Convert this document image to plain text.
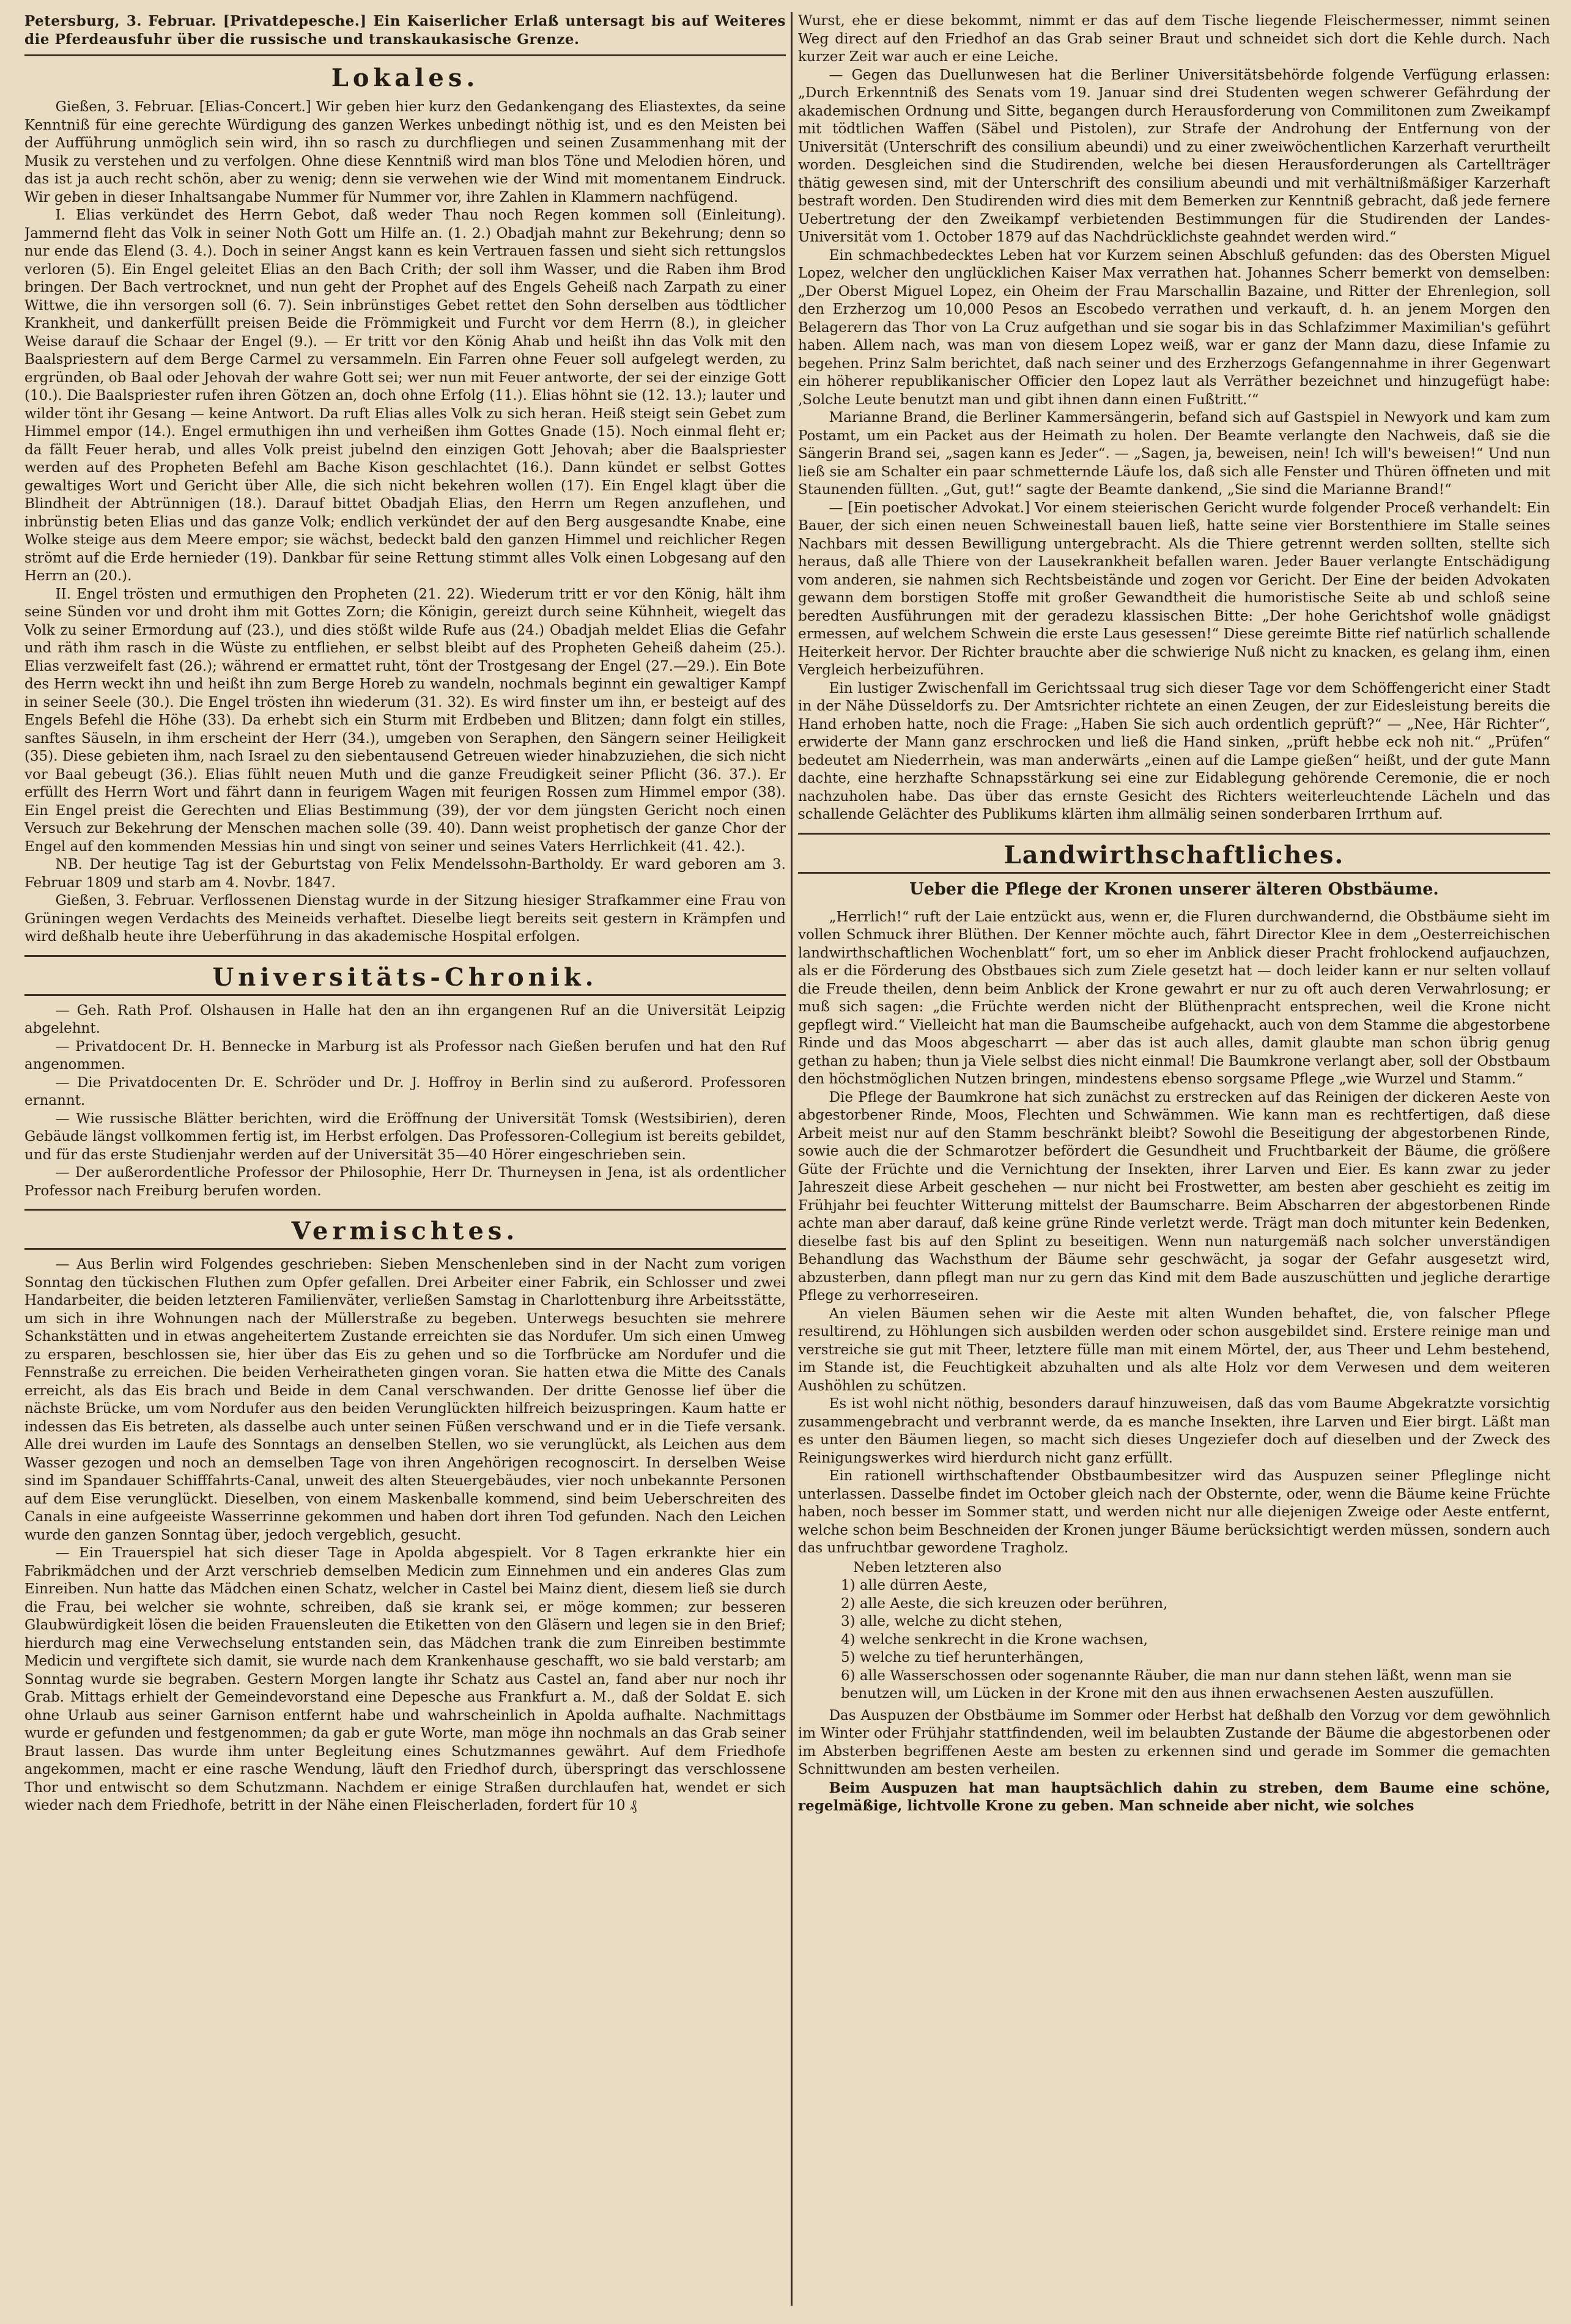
Petersburg, 3. Februar. [Privatdepesche.] Ein Kaiserlicher Erlaß untersagt bis auf Weiteres die Pferdeausfuhr über die russische und transkaukasische Grenze.

Lokales.

Gießen, 3. Februar. [Elias-Concert.] Wir geben hier kurz den Gedankengang des Eliastextes, da seine Kenntniß für eine gerechte Würdigung des ganzen Werkes unbedingt nöthig ist, und es den Meisten bei der Aufführung unmöglich sein wird, ihn so rasch zu durchfliegen und seinen Zusammenhang mit der Musik zu verstehen und zu verfolgen. Ohne diese Kenntniß wird man blos Töne und Melodien hören, und das ist ja auch recht schön, aber zu wenig; denn sie verwehen wie der Wind mit momentanem Eindruck. Wir geben in dieser Inhaltsangabe Nummer für Nummer vor, ihre Zahlen in Klammern nachfügend.

I. Elias verkündet des Herrn Gebot, daß weder Thau noch Regen kommen soll (Einleitung). Jammernd fleht das Volk in seiner Noth Gott um Hilfe an. (1. 2.) Obadjah mahnt zur Bekehrung; denn so nur ende das Elend (3. 4.). Doch in seiner Angst kann es kein Vertrauen fassen und sieht sich rettungslos verloren (5). Ein Engel geleitet Elias an den Bach Crith; der soll ihm Wasser, und die Raben ihm Brod bringen. Der Bach vertrocknet, und nun geht der Prophet auf des Engels Geheiß nach Zarpath zu einer Wittwe, die ihn versorgen soll (6. 7). Sein inbrünstiges Gebet rettet den Sohn derselben aus tödtlicher Krankheit, und dankerfüllt preisen Beide die Frömmigkeit und Furcht vor dem Herrn (8.), in gleicher Weise darauf die Schaar der Engel (9.). — Er tritt vor den König Ahab und heißt ihn das Volk mit den Baalspriestern auf dem Berge Carmel zu versammeln. Ein Farren ohne Feuer soll aufgelegt werden, zu ergründen, ob Baal oder Jehovah der wahre Gott sei; wer nun mit Feuer antworte, der sei der einzige Gott (10.). Die Baalspriester rufen ihren Götzen an, doch ohne Erfolg (11.). Elias höhnt sie (12. 13.); lauter und wilder tönt ihr Gesang — keine Antwort. Da ruft Elias alles Volk zu sich heran. Heiß steigt sein Gebet zum Himmel empor (14.). Engel ermuthigen ihn und verheißen ihm Gottes Gnade (15). Noch einmal fleht er; da fällt Feuer herab, und alles Volk preist jubelnd den einzigen Gott Jehovah; aber die Baalspriester werden auf des Propheten Befehl am Bache Kison geschlachtet (16.). Dann kündet er selbst Gottes gewaltiges Wort und Gericht über Alle, die sich nicht bekehren wollen (17). Ein Engel klagt über die Blindheit der Abtrünnigen (18.). Darauf bittet Obadjah Elias, den Herrn um Regen anzuflehen, und inbrünstig beten Elias und das ganze Volk; endlich verkündet der auf den Berg ausgesandte Knabe, eine Wolke steige aus dem Meere empor; sie wächst, bedeckt bald den ganzen Himmel und reichlicher Regen strömt auf die Erde hernieder (19). Dankbar für seine Rettung stimmt alles Volk einen Lobgesang auf den Herrn an (20.).

II. Engel trösten und ermuthigen den Propheten (21. 22). Wiederum tritt er vor den König, hält ihm seine Sünden vor und droht ihm mit Gottes Zorn; die Königin, gereizt durch seine Kühnheit, wiegelt das Volk zu seiner Ermordung auf (23.), und dies stößt wilde Rufe aus (24.) Obadjah meldet Elias die Gefahr und räth ihm rasch in die Wüste zu entfliehen, er selbst bleibt auf des Propheten Geheiß daheim (25.). Elias verzweifelt fast (26.); während er ermattet ruht, tönt der Trostgesang der Engel (27.—29.). Ein Bote des Herrn weckt ihn und heißt ihn zum Berge Horeb zu wandeln, nochmals beginnt ein gewaltiger Kampf in seiner Seele (30.). Die Engel trösten ihn wiederum (31. 32). Es wird finster um ihn, er besteigt auf des Engels Befehl die Höhe (33). Da erhebt sich ein Sturm mit Erdbeben und Blitzen; dann folgt ein stilles, sanftes Säuseln, in ihm erscheint der Herr (34.), umgeben von Seraphen, den Sängern seiner Heiligkeit (35). Diese gebieten ihm, nach Israel zu den siebentausend Getreuen wieder hinabzuziehen, die sich nicht vor Baal gebeugt (36.). Elias fühlt neuen Muth und die ganze Freudigkeit seiner Pflicht (36. 37.). Er erfüllt des Herrn Wort und fährt dann in feurigem Wagen mit feurigen Rossen zum Himmel empor (38). Ein Engel preist die Gerechten und Elias Bestimmung (39), der vor dem jüngsten Gericht noch einen Versuch zur Bekehrung der Menschen machen solle (39. 40). Dann weist prophetisch der ganze Chor der Engel auf den kommenden Messias hin und singt von seiner und seines Vaters Herrlichkeit (41. 42.).

NB. Der heutige Tag ist der Geburtstag von Felix Mendelssohn-Bartholdy. Er ward geboren am 3. Februar 1809 und starb am 4. Novbr. 1847.

Gießen, 3. Februar. Verflossenen Dienstag wurde in der Sitzung hiesiger Strafkammer eine Frau von Grüningen wegen Verdachts des Meineids verhaftet. Dieselbe liegt bereits seit gestern in Krämpfen und wird deßhalb heute ihre Ueberführung in das akademische Hospital erfolgen.

Universitäts-Chronik.

— Geh. Rath Prof. Olshausen in Halle hat den an ihn ergangenen Ruf an die Universität Leipzig abgelehnt.

— Privatdocent Dr. H. Bennecke in Marburg ist als Professor nach Gießen berufen und hat den Ruf angenommen.

— Die Privatdocenten Dr. E. Schröder und Dr. J. Hoffroy in Berlin sind zu außerord. Professoren ernannt.

— Wie russische Blätter berichten, wird die Eröffnung der Universität Tomsk (Westsibirien), deren Gebäude längst vollkommen fertig ist, im Herbst erfolgen. Das Professoren-Collegium ist bereits gebildet, und für das erste Studienjahr werden auf der Universität 35—40 Hörer eingeschrieben sein.

— Der außerordentliche Professor der Philosophie, Herr Dr. Thurneysen in Jena, ist als ordentlicher Professor nach Freiburg berufen worden.

Vermischtes.

— Aus Berlin wird Folgendes geschrieben: Sieben Menschenleben sind in der Nacht zum vorigen Sonntag den tückischen Fluthen zum Opfer gefallen. Drei Arbeiter einer Fabrik, ein Schlosser und zwei Handarbeiter, die beiden letzteren Familienväter, verließen Samstag in Charlottenburg ihre Arbeitsstätte, um sich in ihre Wohnungen nach der Müllerstraße zu begeben. Unterwegs besuchten sie mehrere Schankstätten und in etwas angeheitertem Zustande erreichten sie das Nordufer. Um sich einen Umweg zu ersparen, beschlossen sie, hier über das Eis zu gehen und so die Torfbrücke am Nordufer und die Fennstraße zu erreichen. Die beiden Verheiratheten gingen voran. Sie hatten etwa die Mitte des Canals erreicht, als das Eis brach und Beide in dem Canal verschwanden. Der dritte Genosse lief über die nächste Brücke, um vom Nordufer aus den beiden Verunglückten hilfreich beizuspringen. Kaum hatte er indessen das Eis betreten, als dasselbe auch unter seinen Füßen verschwand und er in die Tiefe versank. Alle drei wurden im Laufe des Sonntags an denselben Stellen, wo sie verunglückt, als Leichen aus dem Wasser gezogen und noch an demselben Tage von ihren Angehörigen recognoscirt. In derselben Weise sind im Spandauer Schifffahrts-Canal, unweit des alten Steuergebäudes, vier noch unbekannte Personen auf dem Eise verunglückt. Dieselben, von einem Maskenballe kommend, sind beim Ueberschreiten des Canals in eine aufgeeiste Wasserrinne gekommen und haben dort ihren Tod gefunden. Nach den Leichen wurde den ganzen Sonntag über, jedoch vergeblich, gesucht.

— Ein Trauerspiel hat sich dieser Tage in Apolda abgespielt. Vor 8 Tagen erkrankte hier ein Fabrikmädchen und der Arzt verschrieb demselben Medicin zum Einnehmen und ein anderes Glas zum Einreiben. Nun hatte das Mädchen einen Schatz, welcher in Castel bei Mainz dient, diesem ließ sie durch die Frau, bei welcher sie wohnte, schreiben, daß sie krank sei, er möge kommen; zur besseren Glaubwürdigkeit lösen die beiden Frauensleuten die Etiketten von den Gläsern und legen sie in den Brief; hierdurch mag eine Verwechselung entstanden sein, das Mädchen trank die zum Einreiben bestimmte Medicin und vergiftete sich damit, sie wurde nach dem Krankenhause geschafft, wo sie bald verstarb; am Sonntag wurde sie begraben. Gestern Morgen langte ihr Schatz aus Castel an, fand aber nur noch ihr Grab. Mittags erhielt der Gemeindevorstand eine Depesche aus Frankfurt a. M., daß der Soldat E. sich ohne Urlaub aus seiner Garnison entfernt habe und wahrscheinlich in Apolda aufhalte. Nachmittags wurde er gefunden und festgenommen; da gab er gute Worte, man möge ihn nochmals an das Grab seiner Braut lassen. Das wurde ihm unter Begleitung eines Schutzmannes gewährt. Auf dem Friedhofe angekommen, macht er eine rasche Wendung, läuft den Friedhof durch, überspringt das verschlossene Thor und entwischt so dem Schutzmann. Nachdem er einige Straßen durchlaufen hat, wendet er sich wieder nach dem Friedhofe, betritt in der Nähe einen Fleischerladen, fordert für 10 ₰

Wurst, ehe er diese bekommt, nimmt er das auf dem Tische liegende Fleischermesser, nimmt seinen Weg direct auf den Friedhof an das Grab seiner Braut und schneidet sich dort die Kehle durch. Nach kurzer Zeit war auch er eine Leiche.

— Gegen das Duellunwesen hat die Berliner Universitätsbehörde folgende Verfügung erlassen: „Durch Erkenntniß des Senats vom 19. Januar sind drei Studenten wegen schwerer Gefährdung der akademischen Ordnung und Sitte, begangen durch Herausforderung von Commilitonen zum Zweikampf mit tödtlichen Waffen (Säbel und Pistolen), zur Strafe der Androhung der Entfernung von der Universität (Unterschrift des consilium abeundi) und zu einer zweiwöchentlichen Karzerhaft verurtheilt worden. Desgleichen sind die Studirenden, welche bei diesen Herausforderungen als Cartellträger thätig gewesen sind, mit der Unterschrift des consilium abeundi und mit verhältnißmäßiger Karzerhaft bestraft worden. Den Studirenden wird dies mit dem Bemerken zur Kenntniß gebracht, daß jede fernere Uebertretung der den Zweikampf verbietenden Bestimmungen für die Studirenden der Landes-Universität vom 1. October 1879 auf das Nachdrücklichste geahndet werden wird.“

Ein schmachbedecktes Leben hat vor Kurzem seinen Abschluß gefunden: das des Obersten Miguel Lopez, welcher den unglücklichen Kaiser Max verrathen hat. Johannes Scherr bemerkt von demselben: „Der Oberst Miguel Lopez, ein Oheim der Frau Marschallin Bazaine, und Ritter der Ehrenlegion, soll den Erzherzog um 10,000 Pesos an Escobedo verrathen und verkauft, d. h. an jenem Morgen den Belagerern das Thor von La Cruz aufgethan und sie sogar bis in das Schlafzimmer Maximilian's geführt haben. Allem nach, was man von diesem Lopez weiß, war er ganz der Mann dazu, diese Infamie zu begehen. Prinz Salm berichtet, daß nach seiner und des Erzherzogs Gefangennahme in ihrer Gegenwart ein höherer republikanischer Officier den Lopez laut als Verräther bezeichnet und hinzugefügt habe: ‚Solche Leute benutzt man und gibt ihnen dann einen Fußtritt.‘“

Marianne Brand, die Berliner Kammersängerin, befand sich auf Gastspiel in Newyork und kam zum Postamt, um ein Packet aus der Heimath zu holen. Der Beamte verlangte den Nachweis, daß sie die Sängerin Brand sei, „sagen kann es Jeder“. — „Sagen, ja, beweisen, nein! Ich will's beweisen!“ Und nun ließ sie am Schalter ein paar schmetternde Läufe los, daß sich alle Fenster und Thüren öffneten und mit Staunenden füllten. „Gut, gut!“ sagte der Beamte dankend, „Sie sind die Marianne Brand!“

— [Ein poetischer Advokat.] Vor einem steierischen Gericht wurde folgender Proceß verhandelt: Ein Bauer, der sich einen neuen Schweinestall bauen ließ, hatte seine vier Borstenthiere im Stalle seines Nachbars mit dessen Bewilligung untergebracht. Als die Thiere getrennt werden sollten, stellte sich heraus, daß alle Thiere von der Lausekrankheit befallen waren. Jeder Bauer verlangte Entschädigung vom anderen, sie nahmen sich Rechtsbeistände und zogen vor Gericht. Der Eine der beiden Advokaten gewann dem borstigen Stoffe mit großer Gewandtheit die humoristische Seite ab und schloß seine beredten Ausführungen mit der geradezu klassischen Bitte: „Der hohe Gerichtshof wolle gnädigst ermessen, auf welchem Schwein die erste Laus gesessen!“ Diese gereimte Bitte rief natürlich schallende Heiterkeit hervor. Der Richter brauchte aber die schwierige Nuß nicht zu knacken, es gelang ihm, einen Vergleich herbeizuführen.

Ein lustiger Zwischenfall im Gerichtssaal trug sich dieser Tage vor dem Schöffengericht einer Stadt in der Nähe Düsseldorfs zu. Der Amtsrichter richtete an einen Zeugen, der zur Eidesleistung bereits die Hand erhoben hatte, noch die Frage: „Haben Sie sich auch ordentlich geprüft?“ — „Nee, Här Richter“, erwiderte der Mann ganz erschrocken und ließ die Hand sinken, „prüft hebbe eck noh nit.“ „Prüfen“ bedeutet am Niederrhein, was man anderwärts „einen auf die Lampe gießen“ heißt, und der gute Mann dachte, eine herzhafte Schnapsstärkung sei eine zur Eidablegung gehörende Ceremonie, die er noch nachzuholen habe. Das über das ernste Gesicht des Richters weiterleuchtende Lächeln und das schallende Gelächter des Publikums klärten ihm allmälig seinen sonderbaren Irrthum auf.

Landwirthschaftliches.
Ueber die Pflege der Kronen unserer älteren Obstbäume.

„Herrlich!“ ruft der Laie entzückt aus, wenn er, die Fluren durchwandernd, die Obstbäume sieht im vollen Schmuck ihrer Blüthen. Der Kenner möchte auch, fährt Director Klee in dem „Oesterreichischen landwirthschaftlichen Wochenblatt“ fort, um so eher im Anblick dieser Pracht frohlockend aufjauchzen, als er die Förderung des Obstbaues sich zum Ziele gesetzt hat — doch leider kann er nur selten vollauf die Freude theilen, denn beim Anblick der Krone gewahrt er nur zu oft auch deren Verwahrlosung; er muß sich sagen: „die Früchte werden nicht der Blüthenpracht entsprechen, weil die Krone nicht gepflegt wird.“ Vielleicht hat man die Baumscheibe aufgehackt, auch von dem Stamme die abgestorbene Rinde und das Moos abgescharrt — aber das ist auch alles, damit glaubte man schon übrig genug gethan zu haben; thun ja Viele selbst dies nicht einmal! Die Baumkrone verlangt aber, soll der Obstbaum den höchstmöglichen Nutzen bringen, mindestens ebenso sorgsame Pflege „wie Wurzel und Stamm.“

Die Pflege der Baumkrone hat sich zunächst zu erstrecken auf das Reinigen der dickeren Aeste von abgestorbener Rinde, Moos, Flechten und Schwämmen. Wie kann man es rechtfertigen, daß diese Arbeit meist nur auf den Stamm beschränkt bleibt? Sowohl die Beseitigung der abgestorbenen Rinde, sowie auch die der Schmarotzer befördert die Gesundheit und Fruchtbarkeit der Bäume, die größere Güte der Früchte und die Vernichtung der Insekten, ihrer Larven und Eier. Es kann zwar zu jeder Jahreszeit diese Arbeit geschehen — nur nicht bei Frostwetter, am besten aber geschieht es zeitig im Frühjahr bei feuchter Witterung mittelst der Baumscharre. Beim Abscharren der abgestorbenen Rinde achte man aber darauf, daß keine grüne Rinde verletzt werde. Trägt man doch mitunter kein Bedenken, dieselbe fast bis auf den Splint zu beseitigen. Wenn nun naturgemäß nach solcher unverständigen Behandlung das Wachsthum der Bäume sehr geschwächt, ja sogar der Gefahr ausgesetzt wird, abzusterben, dann pflegt man nur zu gern das Kind mit dem Bade auszuschütten und jegliche derartige Pflege zu verhorreseiren.

An vielen Bäumen sehen wir die Aeste mit alten Wunden behaftet, die, von falscher Pflege resultirend, zu Höhlungen sich ausbilden werden oder schon ausgebildet sind. Erstere reinige man und verstreiche sie gut mit Theer, letztere fülle man mit einem Mörtel, der, aus Theer und Lehm bestehend, im Stande ist, die Feuchtigkeit abzuhalten und als alte Holz vor dem Verwesen und dem weiteren Aushöhlen zu schützen.

Es ist wohl nicht nöthig, besonders darauf hinzuweisen, daß das vom Baume Abgekratzte vorsichtig zusammengebracht und verbrannt werde, da es manche Insekten, ihre Larven und Eier birgt. Läßt man es unter den Bäumen liegen, so macht sich dieses Ungeziefer doch auf dieselben und der Zweck des Reinigungswerkes wird hierdurch nicht ganz erfüllt.

Ein rationell wirthschaftender Obstbaumbesitzer wird das Auspuzen seiner Pfleglinge nicht unterlassen. Dasselbe findet im October gleich nach der Obsternte, oder, wenn die Bäume keine Früchte haben, noch besser im Sommer statt, und werden nicht nur alle diejenigen Zweige oder Aeste entfernt, welche schon beim Beschneiden der Kronen junger Bäume berücksichtigt werden müssen, sondern auch das unfruchtbar gewordene Tragholz.

Neben letzteren also
1) alle dürren Aeste,
2) alle Aeste, die sich kreuzen oder berühren,
3) alle, welche zu dicht stehen,
4) welche senkrecht in die Krone wachsen,
5) welche zu tief herunterhängen,
6) alle Wasserschossen oder sogenannte Räuber, die man nur dann stehen läßt, wenn man sie benutzen will, um Lücken in der Krone mit den aus ihnen erwachsenen Aesten auszufüllen.

Das Auspuzen der Obstbäume im Sommer oder Herbst hat deßhalb den Vorzug vor dem gewöhnlich im Winter oder Frühjahr stattfindenden, weil im belaubten Zustande der Bäume die abgestorbenen oder im Absterben begriffenen Aeste am besten zu erkennen sind und gerade im Sommer die gemachten Schnittwunden am besten verheilen.

Beim Auspuzen hat man hauptsächlich dahin zu streben, dem Baume eine schöne, regelmäßige, lichtvolle Krone zu geben. Man schneide aber nicht, wie solches
